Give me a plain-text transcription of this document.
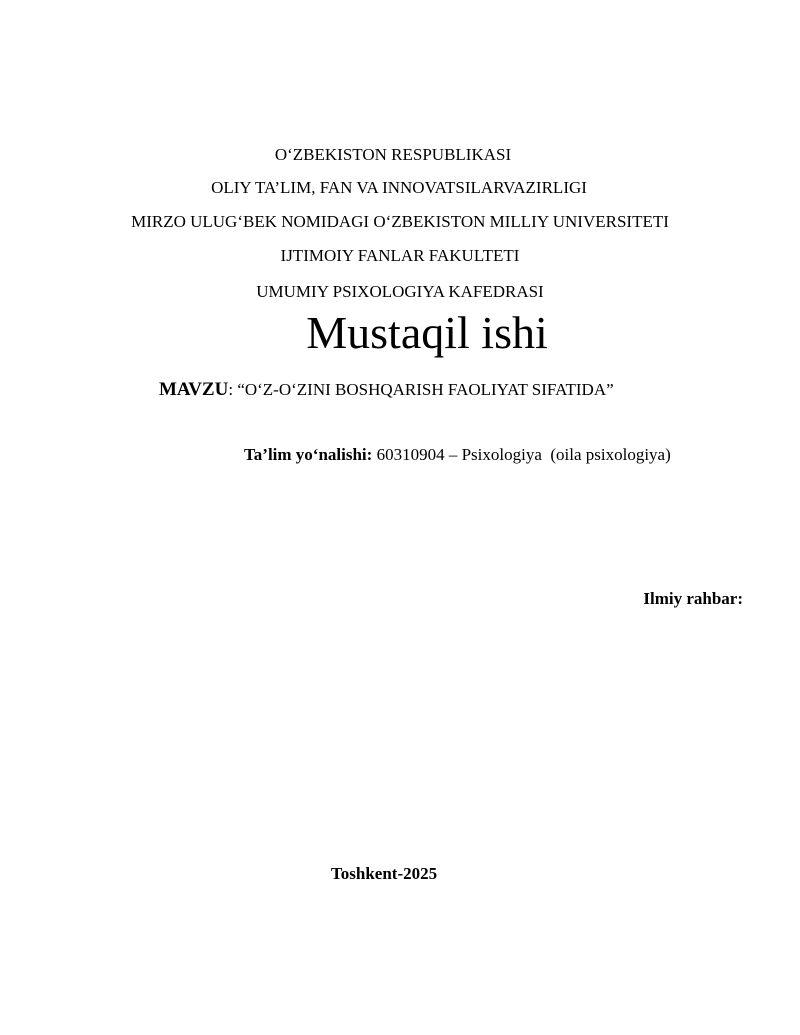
O‘ZBEKISTON RESPUBLIKASI
OLIY TA’LIM, FAN VA INNOVATSILARVAZIRLIGI
MIRZO ULUG‘BEK NOMIDAGI O‘ZBEKISTON MILLIY UNIVERSITETI
IJTIMOIY FANLAR FAKULTETI
UMUMIY PSIXOLOGIYA KAFEDRASI
Mustaqil ishi
MAVZU: “O‘Z-O‘ZINI BOSHQARISH FAOLIYAT SIFATIDA”
Ta’lim yo‘nalishi: 60310904 – Psixologiya  (oila psixologiya)
Ilmiy rahbar:
Toshkent-2025
